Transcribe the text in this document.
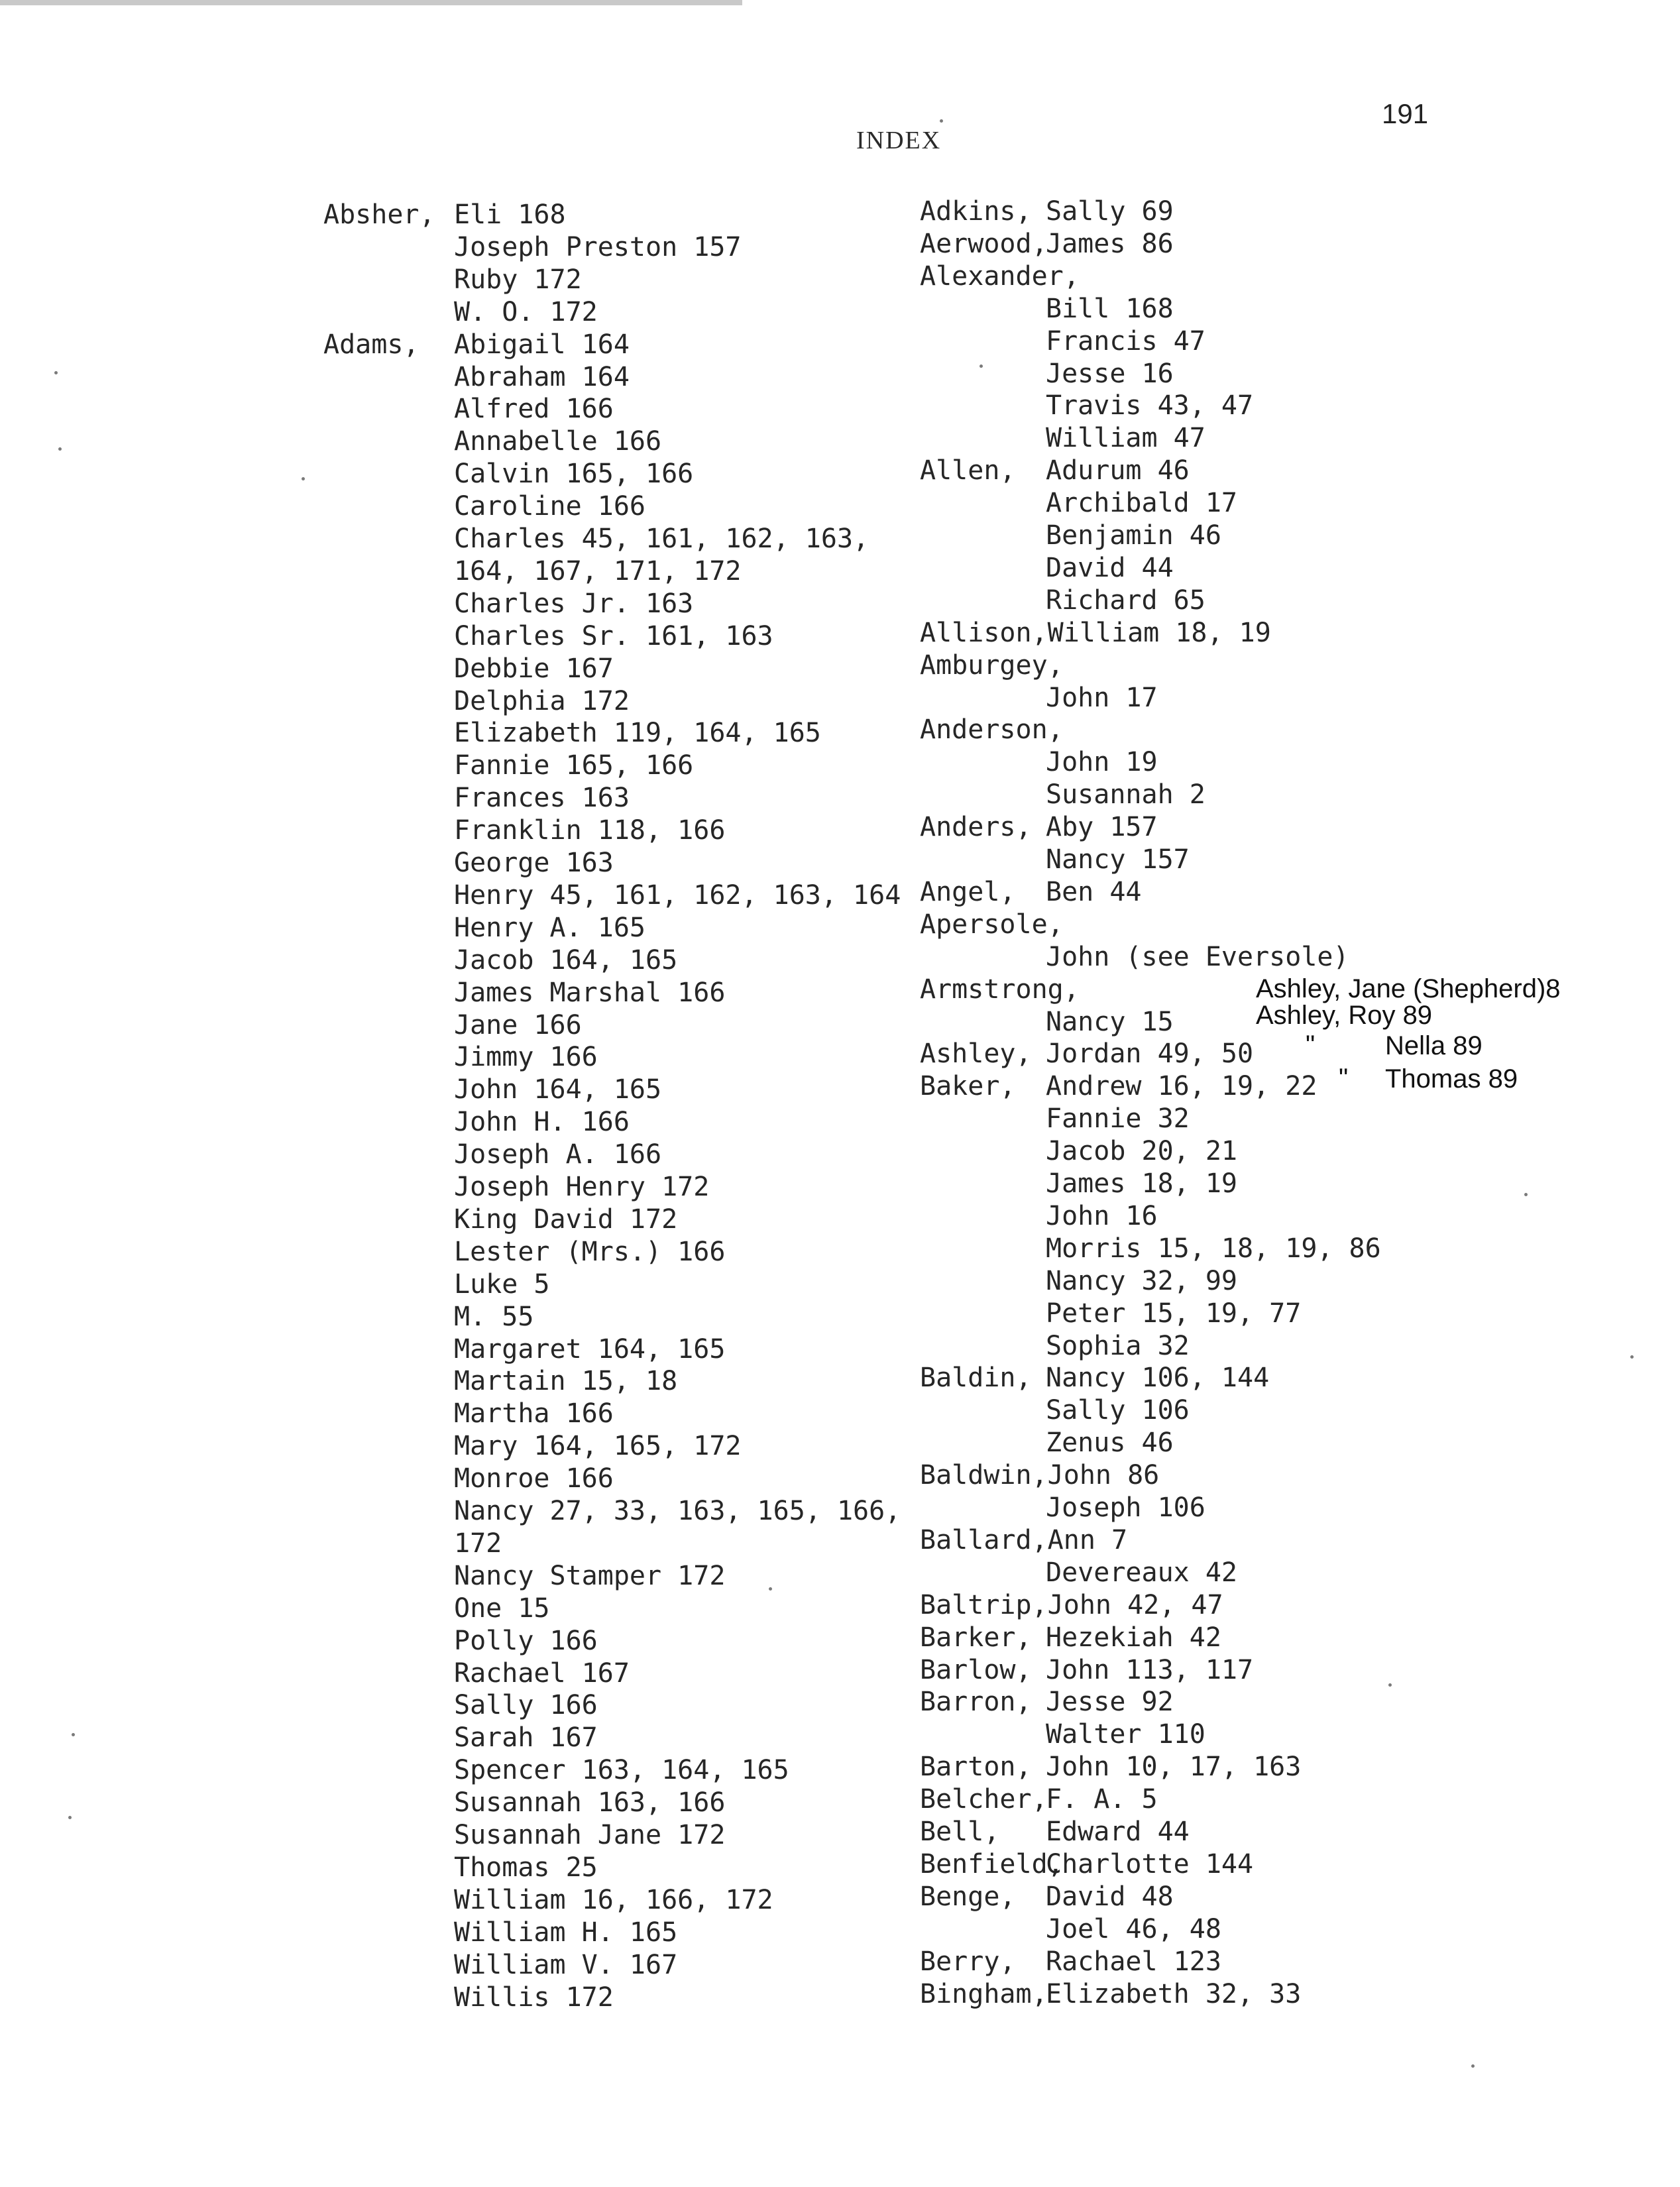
191
INDEX
Absher, Eli 168
Joseph Preston 157
Ruby 172
W. O. 172
Adams, Abigail 164
Abraham 164
Alfred 166
Annabelle 166
Calvin 165, 166
Caroline 166
Charles 45, 161, 162, 163,
164, 167, 171, 172
Charles Jr. 163
Charles Sr. 161, 163
Debbie 167
Delphia 172
Elizabeth 119, 164, 165
Fannie 165, 166
Frances 163
Franklin 118, 166
George 163
Henry 45, 161, 162, 163, 164
Henry A. 165
Jacob 164, 165
James Marshal 166
Jane 166
Jimmy 166
John 164, 165
John H. 166
Joseph A. 166
Joseph Henry 172
King David 172
Lester (Mrs.) 166
Luke 5
M. 55
Margaret 164, 165
Martain 15, 18
Martha 166
Mary 164, 165, 172
Monroe 166
Nancy 27, 33, 163, 165, 166,
172
Nancy Stamper 172
One 15
Polly 166
Rachael 167
Sally 166
Sarah 167
Spencer 163, 164, 165
Susannah 163, 166
Susannah Jane 172
Thomas 25
William 16, 166, 172
William H. 165
William V. 167
Willis 172
Adkins, Sally 69
Aerwood,
James 86
Alexander,
Bill 168
Francis 47
Jesse 16
Travis 43, 47
William 47
Allen, Adurum 46
Archibald 17
Benjamin 46
David 44
Richard 65
Allison,William 18, 19
Amburgey,
John 17
Anderson,
John 19
Susannah 2
Anders, Aby 157
Nancy 157
Angel, Ben 44
Apersole,
John (see Eversole)
Armstrong,
Nancy 15
Ashley, Jordan 49, 50
Baker, Andrew 16, 19, 22
Fannie 32
Jacob 20, 21
James 18, 19
John 16
Morris 15, 18, 19, 86
Nancy 32, 99
Peter 15, 19, 77
Sophia 32
Baldin, Nancy 106, 144
Sally 106
Zenus 46
Baldwin,John 86
Joseph 106
Ballard,Ann 7
Devereaux 42
Baltrip,John 42, 47
Barker, Hezekiah 42
Barlow, John 113, 117
Barron, Jesse 92
Walter 110
Barton, John 10, 17, 163
Belcher,
F. A. 5
Bell, Edward 44
Benfield,
Charlotte 144
Benge, David 48
Joel 46, 48
Berry, Rachael 123
Bingham,
Elizabeth 32, 33
Ashley, Jane (Shepherd)8
Ashley, Roy 89
"	Nella 89
" Thomas 89
